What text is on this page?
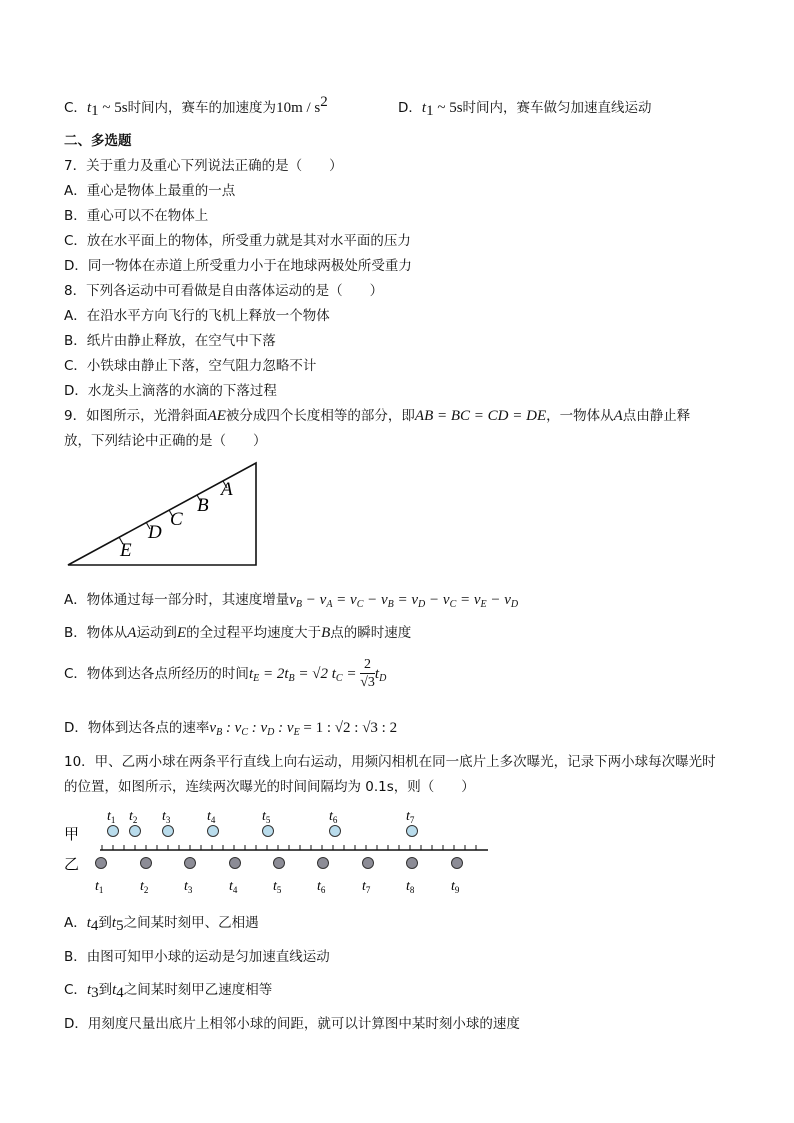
C．$t_1$ ~ 5s时间内，赛车的加速度为$10m / s^2$	D．$t_1$ ~ 5s时间内，赛车做匀加速直线运动
二、多选题
7．关于重力及重心下列说法正确的是（　　）
A．重心是物体上最重的一点
B．重心可以不在物体上
C．放在水平面上的物体，所受重力就是其对水平面的压力
D．同一物体在赤道上所受重力小于在地球两极处所受重力
8．下列各运动中可看做是自由落体运动的是（　　）
A．在沿水平方向飞行的飞机上释放一个物体
B．纸片由静止释放，在空气中下落
C．小铁球由静止下落，空气阻力忽略不计
D．水龙头上滴落的水滴的下落过程
9．如图所示，光滑斜面AE被分成四个长度相等的部分，即AB = BC = CD = DE，一物体从A点由静止释
放，下列结论中正确的是（　　）
E
D
C
B
A
A．物体通过每一部分时，其速度增量$v_B - v_A = v_C - v_B = v_D - v_C = v_E - v_D$
B．物体从A运动到E的全过程平均速度大于B点的瞬时速度
C．物体到达各点所经历的时间$t_E = 2t_B = √2$ $t_C = \frac{2}{√3} t_D$
D．物体到达各点的速率$v_B$ : $v_C$ : $v_D$ : $v_E = 1$ : √2 : √3 : 2
10．甲、乙两小球在两条平行直线上向右运动，用频闪相机在同一底片上多次曝光，记录下两小球每次曝光时
的位置，如图所示，连续两次曝光的时间间隔均为 0.1s，则（　　）
甲
乙
$t_1$ $t_2$ $t_3$	$t_4$	$t_5$	$t_6$	$t_7$
$t_1$	$t_2$	$t_3$	$t_4$	$t_5$	$t_6$	$t_7$	$t_8$	$t_9$
A．$t_4$到$t_5$之间某时刻甲、乙相遇
B．由图可知甲小球的运动是匀加速直线运动
C．$t_3$到$t_4$之间某时刻甲乙速度相等
D．用刻度尺量出底片上相邻小球的间距，就可以计算图中某时刻小球的速度
